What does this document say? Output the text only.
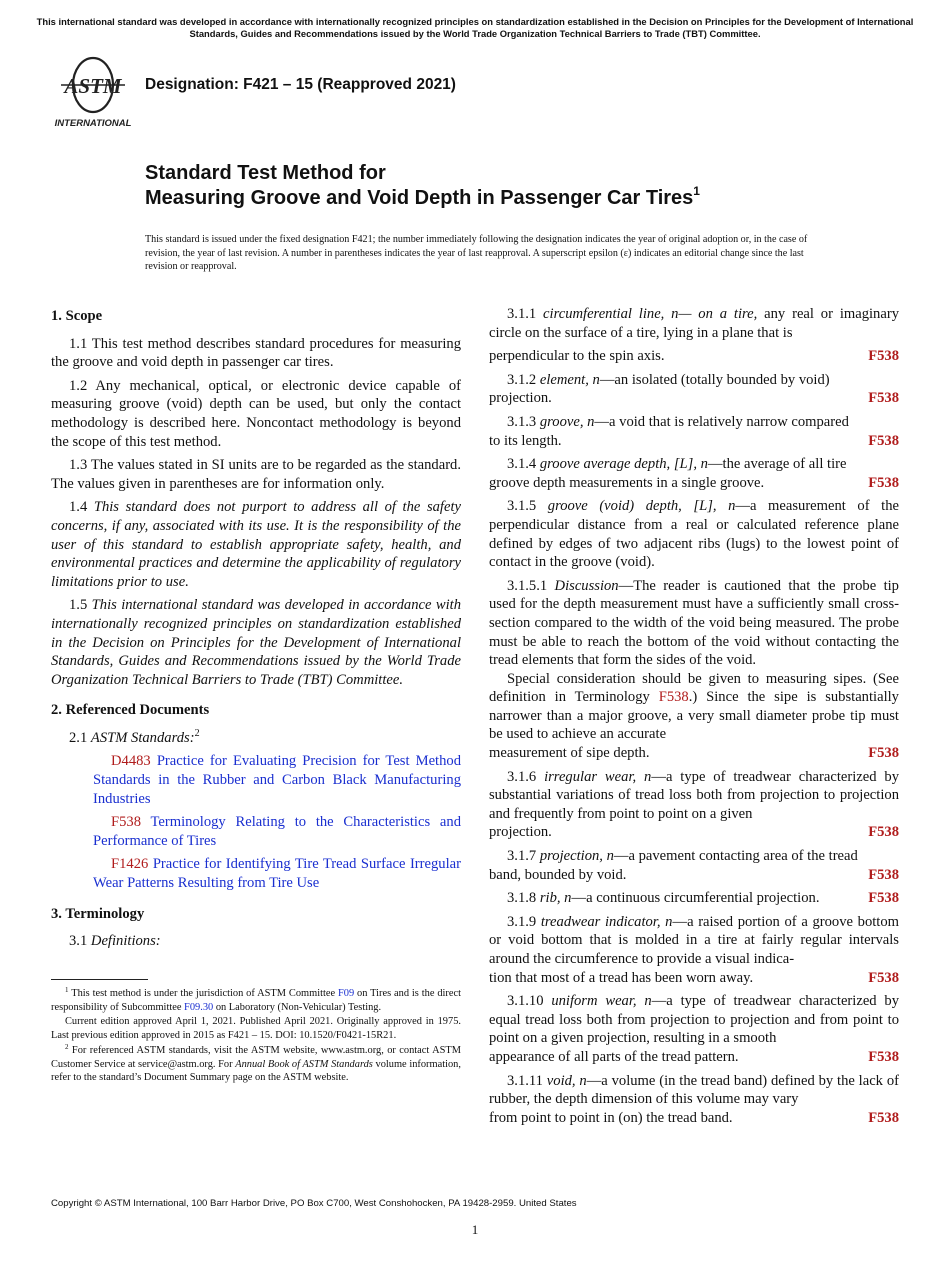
This international standard was developed in accordance with internationally recognized principles on standardization established in the Decision on Principles for the Development of International Standards, Guides and Recommendations issued by the World Trade Organization Technical Barriers to Trade (TBT) Committee.
ASTM
INTERNATIONAL
Designation: F421 – 15 (Reapproved 2021)
Standard Test Method for
Measuring Groove and Void Depth in Passenger Car Tires$^1$
This standard is issued under the fixed designation F421; the number immediately following the designation indicates the year of original adoption or, in the case of revision, the year of last revision. A number in parentheses indicates the year of last reapproval. A superscript epsilon (ε) indicates an editorial change since the last revision or reapproval.
1. Scope

1.1 This test method describes standard procedures for measuring the groove and void depth in passenger car tires.

1.2 Any mechanical, optical, or electronic device capable of measuring groove (void) depth can be used, but only the contact methodology is described here. Noncontact methodology is beyond the scope of this test method.

1.3 The values stated in SI units are to be regarded as the standard. The values given in parentheses are for information only.

1.4 This standard does not purport to address all of the safety concerns, if any, associated with its use. It is the responsibility of the user of this standard to establish appropriate safety, health, and environmental practices and determine the applicability of regulatory limitations prior to use.

1.5 This international standard was developed in accordance with internationally recognized principles on standardization established in the Decision on Principles for the Development of International Standards, Guides and Recommendations issued by the World Trade Organization Technical Barriers to Trade (TBT) Committee.

2. Referenced Documents

2.1 ASTM Standards:$^2$

D4483 Practice for Evaluating Precision for Test Method Standards in the Rubber and Carbon Black Manufacturing Industries

F538 Terminology Relating to the Characteristics and Performance of Tires

F1426 Practice for Identifying Tire Tread Surface Irregular Wear Patterns Resulting from Tire Use

3. Terminology

3.1 Definitions:

$^1$ This test method is under the jurisdiction of ASTM Committee F09 on Tires and is the direct responsibility of Subcommittee F09.30 on Laboratory (Non-Vehicular) Testing.

Current edition approved April 1, 2021. Published April 2021. Originally approved in 1975. Last previous edition approved in 2015 as F421 – 15. DOI: 10.1520/F0421-15R21.

$^2$ For referenced ASTM standards, visit the ASTM website, www.astm.org, or contact ASTM Customer Service at service@astm.org. For Annual Book of ASTM Standards volume information, refer to the standard’s Document Summary page on the ASTM website.

3.1.1 circumferential line, n— on a tire, any real or imaginary circle on the surface of a tire, lying in a plane that is

perpendicular to the spin axis.	F538

3.1.2 element, n—an isolated (totally bounded by void)

projection.	F538

3.1.3 groove, n—a void that is relatively narrow compared

to its length.	F538

3.1.4 groove average depth, [L], n—the average of all tire

groove depth measurements in a single groove.	F538

3.1.5 groove (void) depth, [L], n—a measurement of the perpendicular distance from a real or calculated reference plane defined by edges of two adjacent ribs (lugs) to the lowest point of contact in the groove (void).

3.1.5.1 Discussion—The reader is cautioned that the probe tip used for the depth measurement must have a sufficiently small cross-section compared to the width of the void being measured. The probe must be able to reach the bottom of the void without contacting the tread elements that form the sides of the void.

Special consideration should be given to measuring sipes. (See definition in Terminology F538.) Since the sipe is substantially narrower than a major groove, a very small diameter probe tip must be used to achieve an accurate

measurement of sipe depth.	F538

3.1.6 irregular wear, n—a type of treadwear characterized by substantial variations of tread loss both from projection to projection and frequently from point to point on a given

projection.	F538

3.1.7 projection, n—a pavement contacting area of the tread

band, bounded by void.	F538
3.1.8 rib, n—a continuous circumferential projection.	F538

3.1.9 treadwear indicator, n—a raised portion of a groove bottom or void bottom that is molded in a tire at fairly regular intervals around the circumference to provide a visual indica-

tion that most of a tread has been worn away.	F538

3.1.10 uniform wear, n—a type of treadwear characterized by equal tread loss both from projection to projection and from point to point on a given projection, resulting in a smooth

appearance of all parts of the tread pattern.	F538

3.1.11 void, n—a volume (in the tread band) defined by the lack of rubber, the depth dimension of this volume may vary

from point to point in (on) the tread band.	F538
Copyright © ASTM International, 100 Barr Harbor Drive, PO Box C700, West Conshohocken, PA 19428-2959. United States
1
